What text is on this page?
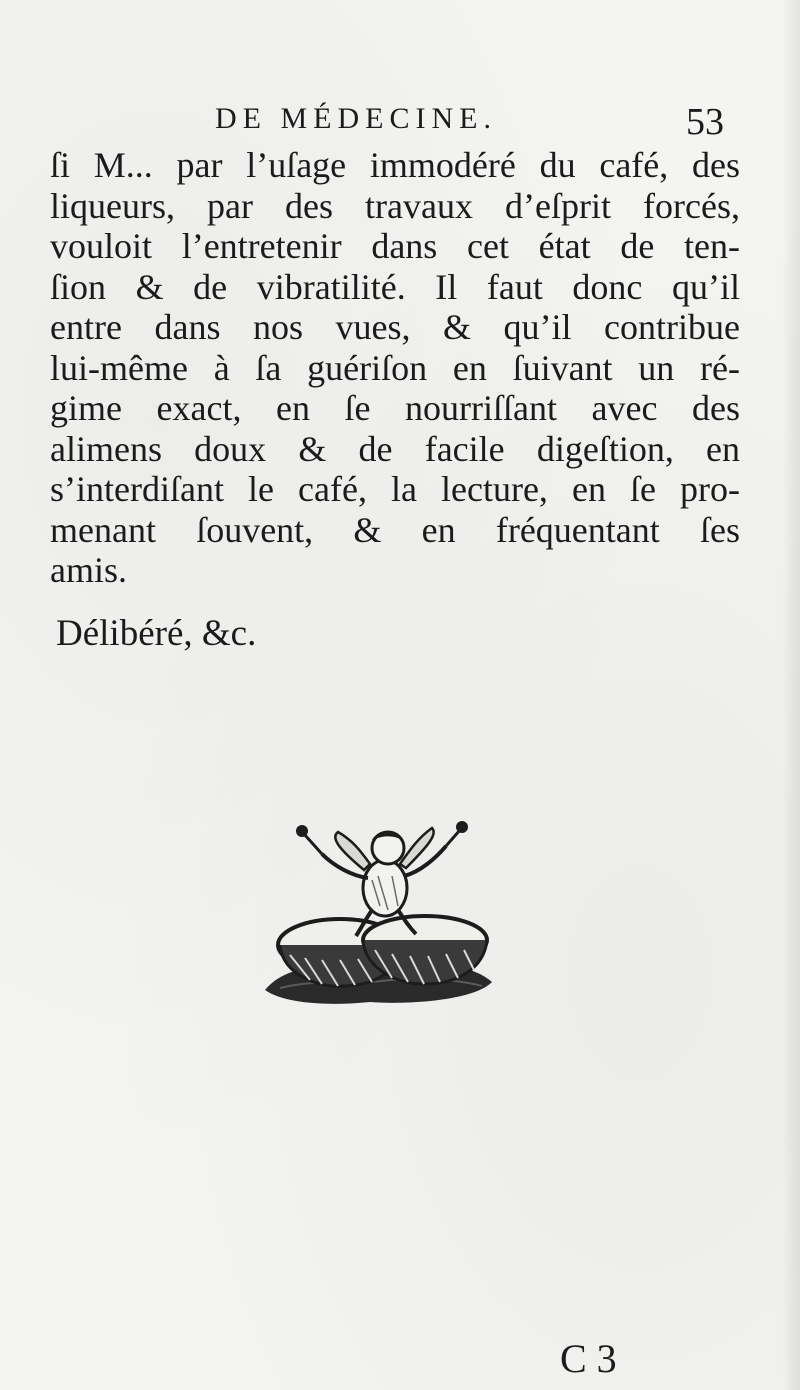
DE MÉDECINE.	53
ſi M... par l’uſage immodéré du café, des
liqueurs, par des travaux d’eſprit forcés,
vouloit l’entretenir dans cet état de ten-
ſion & de vibratilité. Il faut donc qu’il
entre dans nos vues, & qu’il contribue
lui-même à ſa guériſon en ſuivant un ré-
gime exact, en ſe nourriſſant avec des
alimens doux & de facile digeſtion, en
s’interdiſant le café, la lecture, en ſe pro-
menant ſouvent, & en fréquentant ſes
amis.
Délibéré, &c.
C 3
